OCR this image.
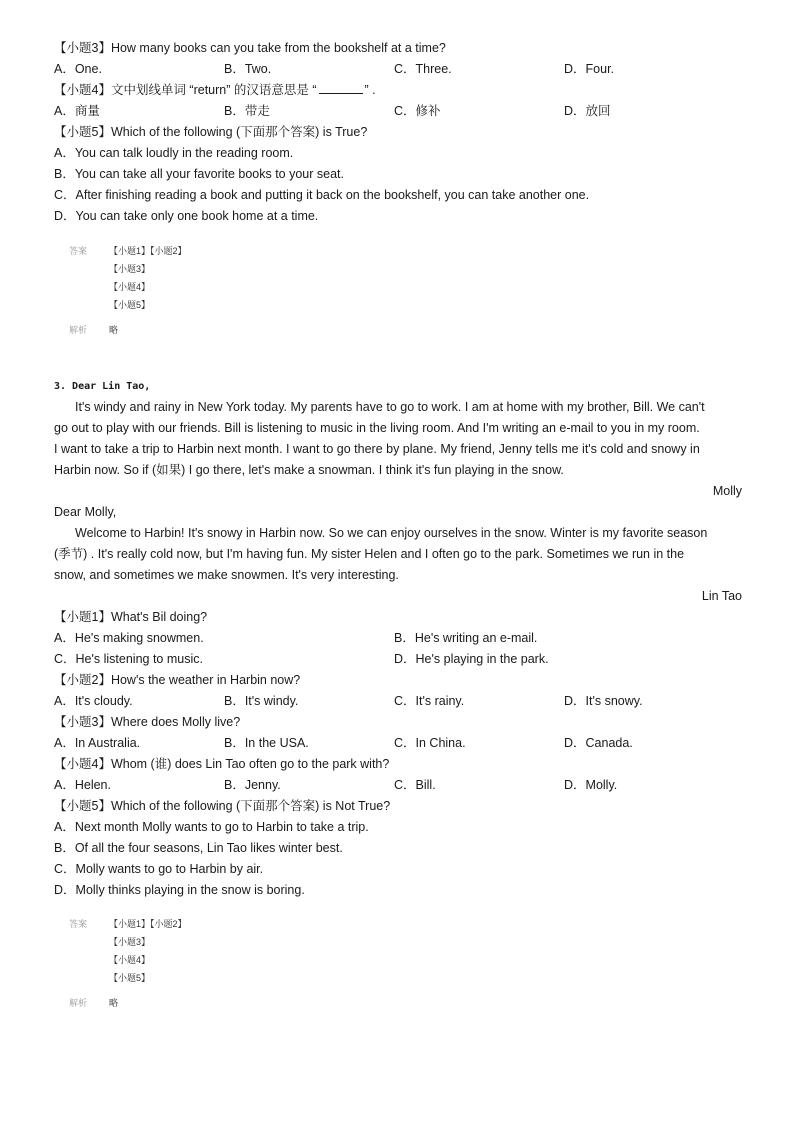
【小题3】How many books can you take from the bookshelf at a time?
A．One.	B．Two.	C．Three.	D．Four.
【小题4】文中划线单词 “return” 的汉语意思是 “	” .
A．商量	B．带走	C．修补	D．放回
【小题5】Which of the following (下面那个答案) is True?
A．You can talk loudly in the reading room.
B．You can take all your favorite books to your seat.
C．After finishing reading a book and putting it back on the bookshelf, you can take another one.
D．You can take only one book home at a time.
答案 【小题1】【小题2】
【小题3】
【小题4】
【小题5】
解析 略
3. Dear Lin Tao,
It's windy and rainy in New York today. My parents have to go to work. I am at home with my brother, Bill. We can't
go out to play with our friends. Bill is listening to music in the living room. And I'm writing an e-mail to you in my room.
I want to take a trip to Harbin next month. I want to go there by plane. My friend, Jenny tells me it's cold and snowy in
Harbin now. So if (如果) I go there, let's make a snowman. I think it's fun playing in the snow.
Molly
Dear Molly,
Welcome to Harbin! It's snowy in Harbin now. So we can enjoy ourselves in the snow. Winter is my favorite season
(季节) . It's really cold now, but I'm having fun. My sister Helen and I often go to the park. Sometimes we run in the
snow, and sometimes we make snowmen. It's very interesting.
Lin Tao
【小题1】What's Bil doing?
A．He's making snowmen.	B．He's writing an e-mail.
C．He's listening to music.	D．He's playing in the park.
【小题2】How's the weather in Harbin now?
A．It's cloudy.	B．It's windy.	C．It's rainy.	D．It's snowy.
【小题3】Where does Molly live?
A．In Australia.	B．In the USA.	C．In China.	D．Canada.
【小题4】Whom (谁) does Lin Tao often go to the park with?
A．Helen.	B．Jenny.	C．Bill.	D．Molly.
【小题5】Which of the following (下面那个答案) is Not True?
A．Next month Molly wants to go to Harbin to take a trip.
B．Of all the four seasons, Lin Tao likes winter best.
C．Molly wants to go to Harbin by air.
D．Molly thinks playing in the snow is boring.
答案 【小题1】【小题2】
【小题3】
【小题4】
【小题5】
解析 略
